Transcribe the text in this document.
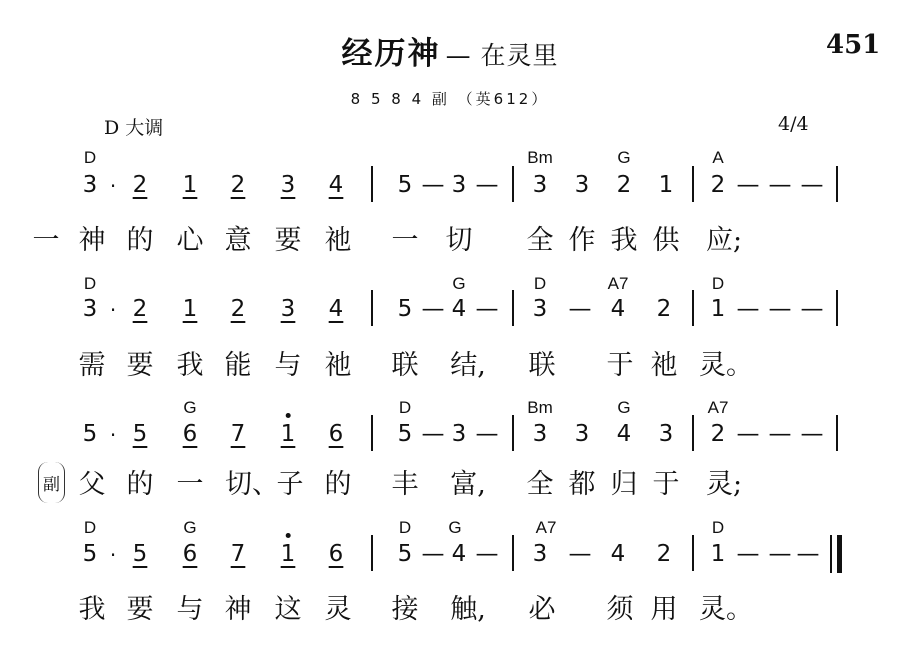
经历神 — 在灵里	451
8 5 8 4 副 （英612）
D 大调	4/4
D	Bm	G	A
3 · 2 1 2 3 4 5 — 3 — 3 3 2 1 2 — — —
一 神 的 心 意 要 祂 一 切 全 作 我 供 应;
D	G	D	A7	D
3 · 2 1 2 3 4 5 — 4 — 3 — 4 2 1 — — —
需 要 我 能 与 祂 联 结, 联 于 祂 灵。
G	D	Bm	G	A7
5 · 5 6 7 1 6 5 — 3 — 3 3 4 3 2 — — —
副 父 的 一 切、
子 的 丰 富, 全 都 归 于 灵;
D	G	D G	A7	D
5 · 5 6 7 1 6 5 — 4 — 3 — 4 2 1 — — —
我 要 与 神 这 灵 接 触, 必 须 用 灵。
